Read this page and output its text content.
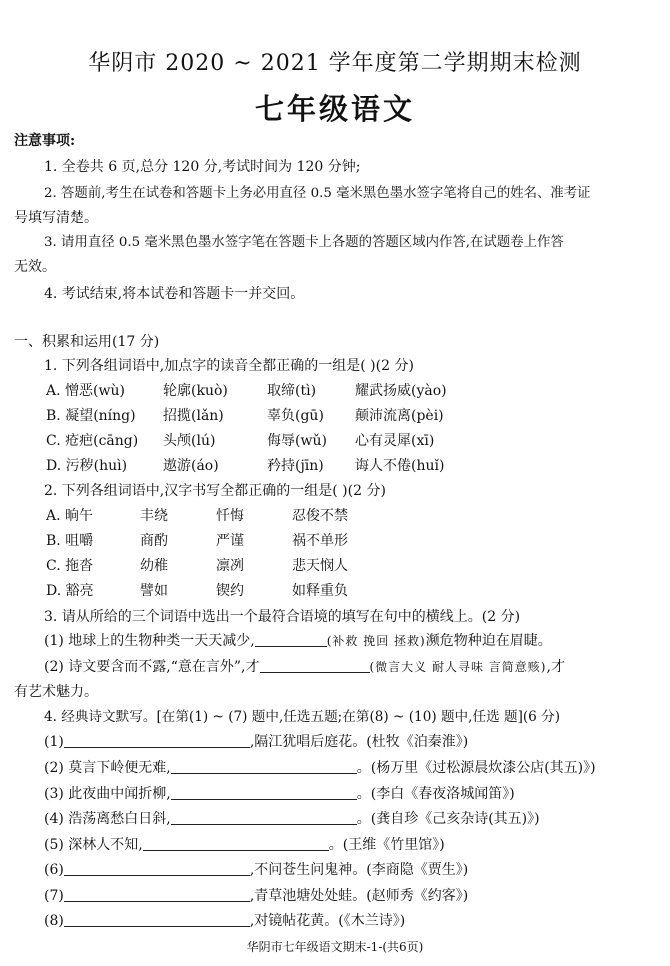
华阴市 2020 ~ 2021 学年度第二学期期末检测
七年级语文
注意事项:
1. 全卷共 6 页,总分 120 分,考试时间为 120 分钟;
2. 答题前,考生在试卷和答题卡上务必用直径 0.5 毫米黑色墨水签字笔将自己的姓名、准考证
号填写清楚。
3. 请用直径 0.5 毫米黑色墨水签字笔在答题卡上各题的答题区域内作答,在试题卷上作答
无效。
4. 考试结束,将本试卷和答题卡一并交回。
一、积累和运用(17 分)
1. 下列各组词语中,加点字的读音全都正确的一组是( )(2 分)
A. 憎恶(wù)	轮廓(kuò)	取缔(tì)	耀武扬威(yào)
B. 凝望(níng) 招揽(lǎn)	辜负(gū) 颠沛流离(pèi)
C. 疮疤(cāng) 头颅(lú)	侮辱(wǔ) 心有灵犀(xī)
D. 污秽(huì)	遨游(áo)	矜持(jīn) 诲人不倦(huǐ)
2. 下列各组词语中,汉字书写全都正确的一组是( )(2 分)
A. 晌午	丰绕	忏悔	忍俊不禁
B. 咀嚼	商酌	严谨	祸不单形
C. 拖沓	幼稚	凛冽	悲天悯人
D. 豁亮	譬如	锲约	如释重负
3. 请从所给的三个词语中选出一个最符合语境的填写在句中的横线上。(2 分)
(1) 地球上的生物种类一天天减少,	(补救 挽回 拯救)濒危物种迫在眉睫。
(2) 诗文要含而不露,“意在言外”,才	(微言大义 耐人寻味 言简意赅),才
有艺术魅力。
4. 经典诗文默写。[在第(1) ~ (7) 题中,任选五题;在第(8) ~ (10) 题中,任选 题](6 分)
(1)	,隔江犹唱后庭花。(杜牧《泊秦淮》)
(2) 莫言下岭便无难,	。(杨万里《过松源晨炊漆公店(其五)》)
(3) 此夜曲中闻折柳,	。(李白《春夜洛城闻笛》)
(4) 浩荡离愁白日斜,	。(龚自珍《己亥杂诗(其五)》)
(5) 深林人不知,	。(王维《竹里馆》)
(6)	,不问苍生问鬼神。(李商隐《贾生》)
(7)	,青草池塘处处蛙。(赵师秀《约客》)
(8)	,对镜帖花黄。(《木兰诗》)
华阴市七年级语文期末-1-(共6页)
